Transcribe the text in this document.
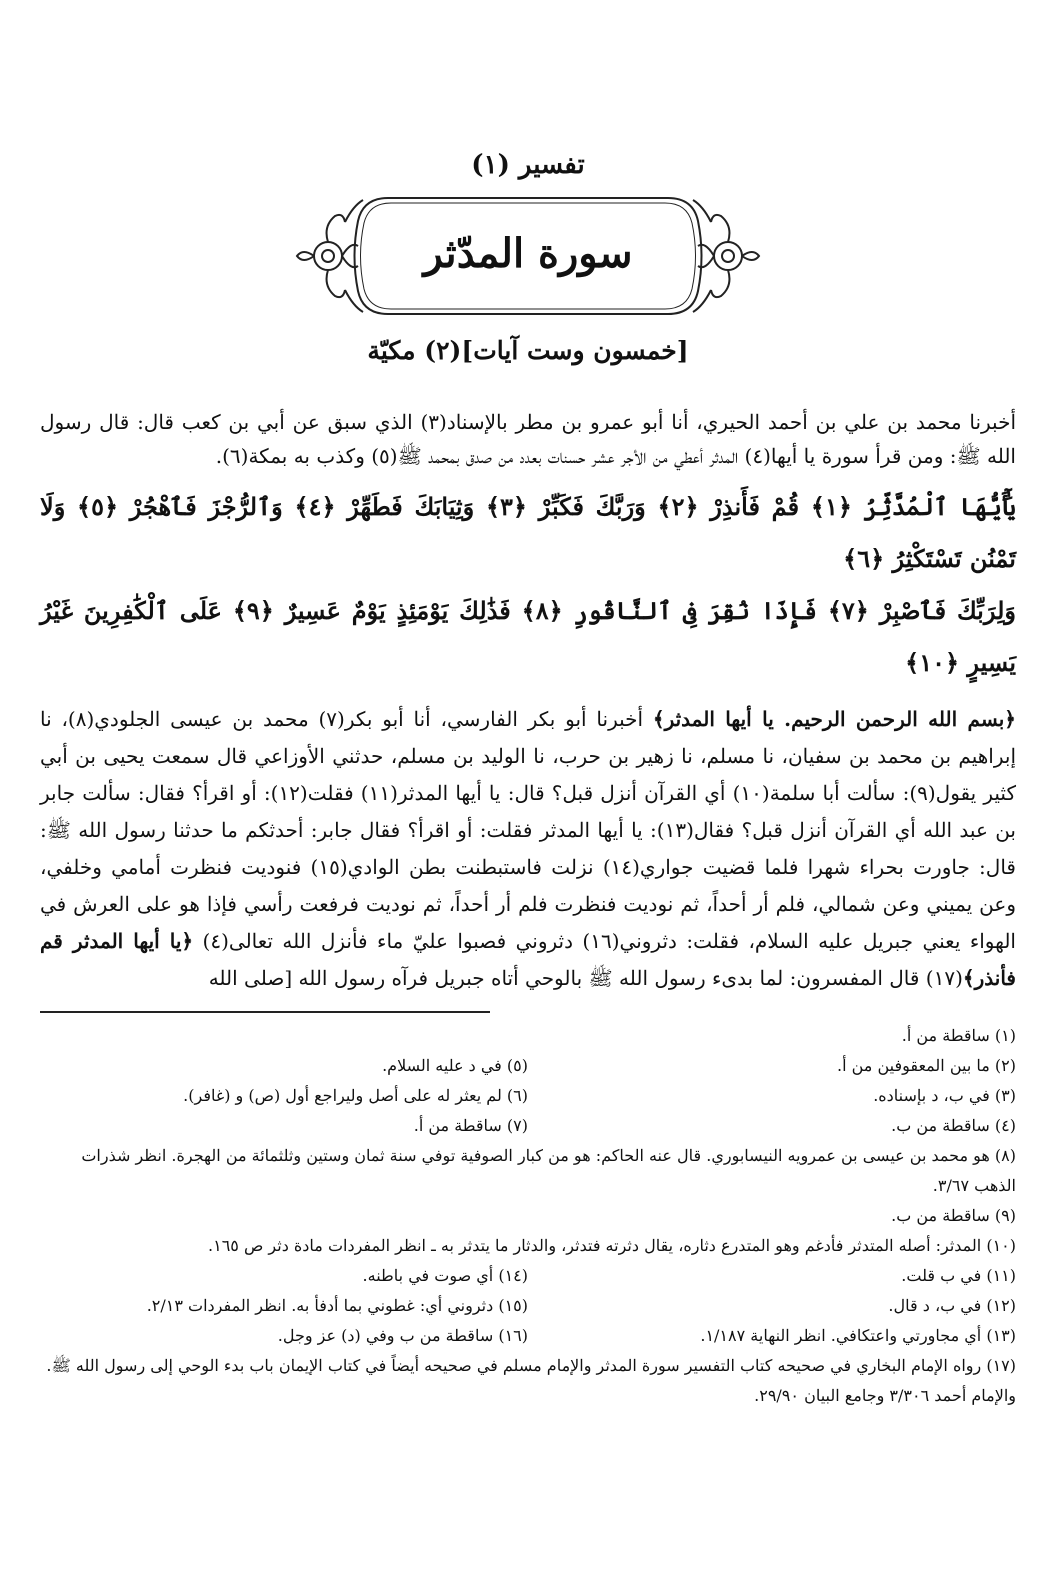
تفسير (١)
سورة المدّثر
[خمسون وست آيات](٢) مكيّة

أخبرنا محمد بن علي بن أحمد الحيري، أنا أبو عمرو بن مطر بالإسناد(٣) الذي سبق عن أبي بن كعب قال: قال رسول الله ﷺ: ومن قرأ سورة يا أيها(٤) المدثر أعطي من الأجر عشر حسنات بعدد من صدق بمحمد ﷺ(٥) وكذب به بمكة(٦).

يَٰٓأَيُّهَا ٱلْمُدَّثِّرُ ﴿١﴾ قُمْ فَأَنذِرْ ﴿٢﴾ وَرَبَّكَ فَكَبِّرْ ﴿٣﴾ وَثِيَابَكَ فَطَهِّرْ ﴿٤﴾ وَٱلرُّجْزَ فَٱهْجُرْ ﴿٥﴾ وَلَا تَمْنُن تَسْتَكْثِرُ ﴿٦﴾
وَلِرَبِّكَ فَٱصْبِرْ ﴿٧﴾ فَإِذَا نُقِرَ فِى ٱلنَّاقُورِ ﴿٨﴾ فَذَٰلِكَ يَوْمَئِذٍ يَوْمٌ عَسِيرٌ ﴿٩﴾ عَلَى ٱلْكَٰفِرِينَ غَيْرُ يَسِيرٍ ﴿١٠﴾

﴿بسم الله الرحمن الرحيم. يا أيها المدثر﴾ أخبرنا أبو بكر الفارسي، أنا أبو بكر(٧) محمد بن عيسى الجلودي(٨)، نا إبراهيم بن محمد بن سفيان، نا مسلم، نا زهير بن حرب، نا الوليد بن مسلم، حدثني الأوزاعي قال سمعت يحيى بن أبي كثير يقول(٩): سألت أبا سلمة(١٠) أي القرآن أنزل قبل؟ قال: يا أيها المدثر(١١) فقلت(١٢): أو اقرأ؟ فقال: سألت جابر بن عبد الله أي القرآن أنزل قبل؟ فقال(١٣): يا أيها المدثر فقلت: أو اقرأ؟ فقال جابر: أحدثكم ما حدثنا رسول الله ﷺ: قال: جاورت بحراء شهرا فلما قضيت جواري(١٤) نزلت فاستبطنت بطن الوادي(١٥) فنوديت فنظرت أمامي وخلفي، وعن يميني وعن شمالي، فلم أر أحداً، ثم نوديت فنظرت فلم أر أحداً، ثم نوديت فرفعت رأسي فإذا هو على العرش في الهواء يعني جبريل عليه السلام، فقلت: دثروني(١٦) دثروني فصبوا عليّ ماء فأنزل الله تعالى(٤) ﴿يا أيها المدثر قم فأنذر﴾(١٧) قال المفسرون: لما بدىء رسول الله ﷺ بالوحي أتاه جبريل فرآه رسول الله [صلى الله

(١) ساقطة من أ.

(٢) ما بين المعقوفين من أ.
(٥) في د عليه السلام.
(٣) في ب، د بإسناده.
(٦) لم يعثر له على أصل وليراجع أول (ص) و (غافر).
(٤) ساقطة من ب.
(٧) ساقطة من أ.

(٨) هو محمد بن عيسى بن عمرويه النيسابوري. قال عنه الحاكم: هو من كبار الصوفية توفي سنة ثمان وستين وثلثمائة من الهجرة. انظر شذرات الذهب ٣/٦٧.

(٩) ساقطة من ب.

(١٠) المدثر: أصله المتدثر فأدغم وهو المتدرع دثاره، يقال دثرته فتدثر، والدثار ما يتدثر به ـ انظر المفردات مادة دثر ص ١٦٥.

(١١) في ب قلت.
(١٤) أي صوت في باطنه.
(١٢) في ب، د قال.
(١٥) دثروني أي: غطوني بما أدفأ به. انظر المفردات ٢/١٣.
(١٣) أي مجاورتي واعتكافي. انظر النهاية ١/١٨٧.
(١٦) ساقطة من ب وفي (د) عز وجل.

(١٧) رواه الإمام البخاري في صحيحه كتاب التفسير سورة المدثر والإمام مسلم في صحيحه أيضاً في كتاب الإيمان باب بدء الوحي إلى رسول الله ﷺ. والإمام أحمد ٣/٣٠٦ وجامع البيان ٢٩/٩٠.
